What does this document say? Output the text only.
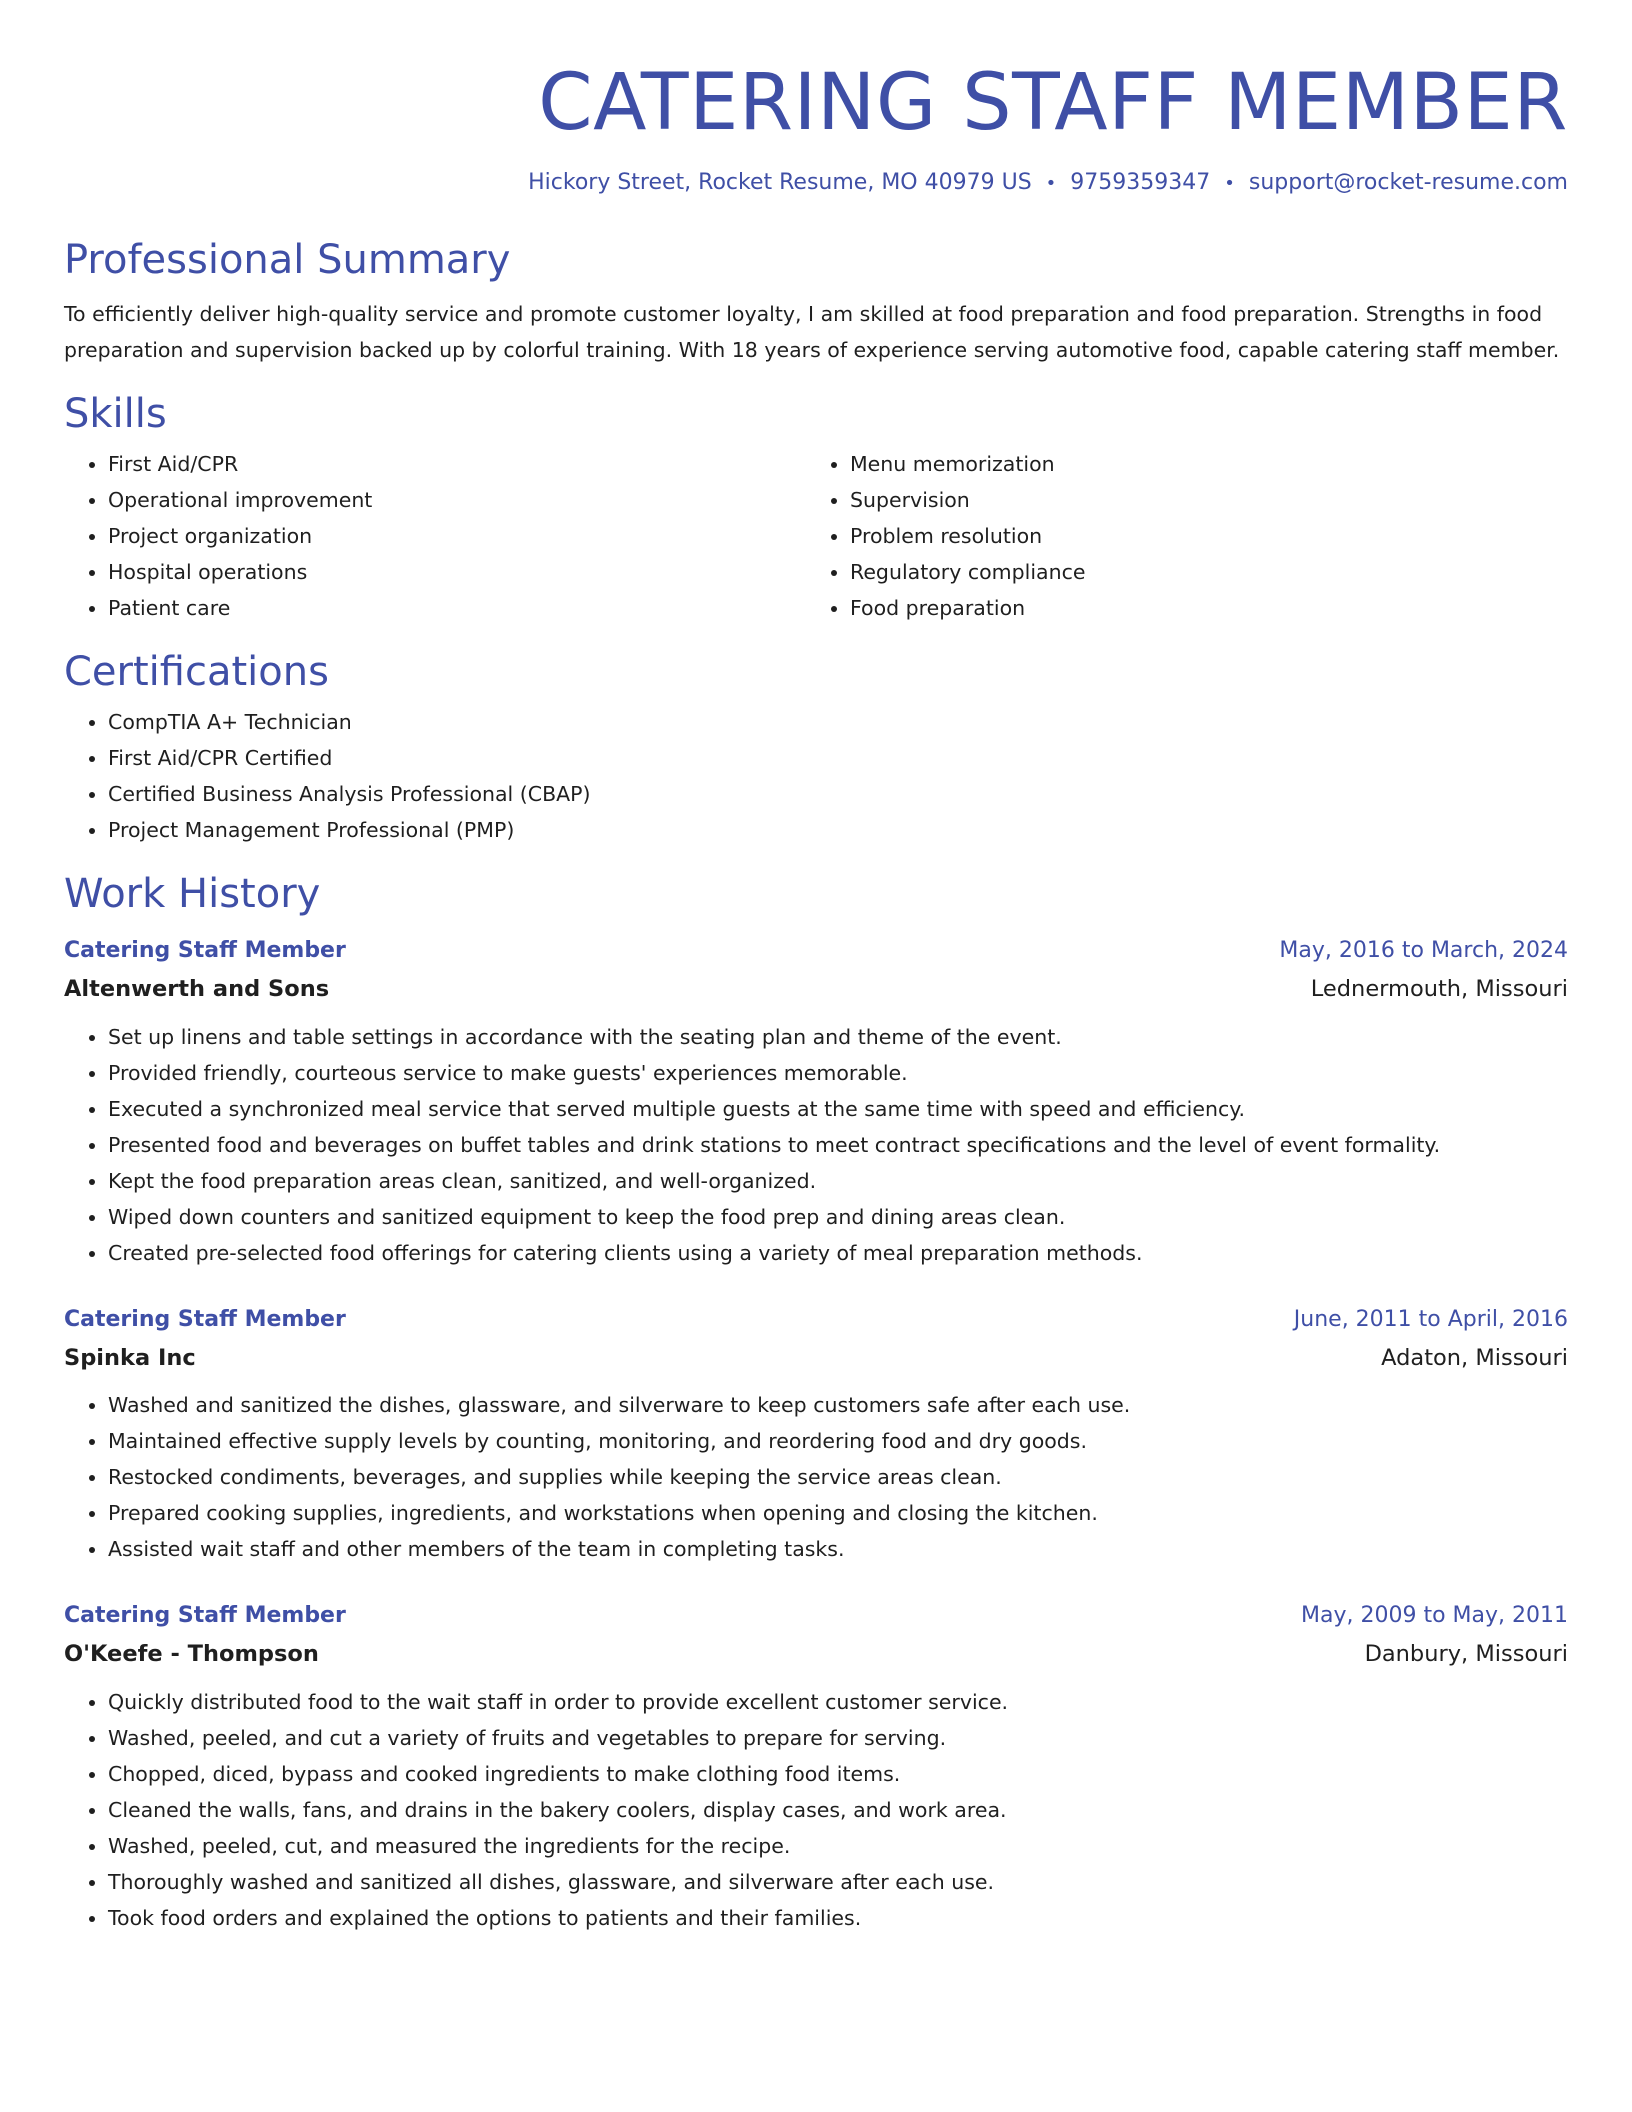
CATERING STAFF MEMBER
Hickory Street, Rocket Resume, MO 40979 US • 9759359347 • support@rocket-resume.com
Professional Summary

To efficiently deliver high-quality service and promote customer loyalty, I am skilled at food preparation and food preparation. Strengths in food preparation and supervision backed up by colorful training. With 18 years of experience serving automotive food, capable catering staff member.

Skills
• First Aid/CPR
• Operational improvement
• Project organization
• Hospital operations
• Patient care
• Menu memorization
• Supervision
• Problem resolution
• Regulatory compliance
• Food preparation
Certifications
• CompTIA A+ Technician
• First Aid/CPR Certified
• Certified Business Analysis Professional (CBAP)
• Project Management Professional (PMP)
Work History
Catering Staff Member	May, 2016 to March, 2024
Altenwerth and Sons	Lednermouth, Missouri
• Set up linens and table settings in accordance with the seating plan and theme of the event.
• Provided friendly, courteous service to make guests' experiences memorable.
• Executed a synchronized meal service that served multiple guests at the same time with speed and efficiency.
• Presented food and beverages on buffet tables and drink stations to meet contract specifications and the level of event formality.
• Kept the food preparation areas clean, sanitized, and well-organized.
• Wiped down counters and sanitized equipment to keep the food prep and dining areas clean.
• Created pre-selected food offerings for catering clients using a variety of meal preparation methods.
Catering Staff Member	June, 2011 to April, 2016
Spinka Inc	Adaton, Missouri
• Washed and sanitized the dishes, glassware, and silverware to keep customers safe after each use.
• Maintained effective supply levels by counting, monitoring, and reordering food and dry goods.
• Restocked condiments, beverages, and supplies while keeping the service areas clean.
• Prepared cooking supplies, ingredients, and workstations when opening and closing the kitchen.
• Assisted wait staff and other members of the team in completing tasks.
Catering Staff Member	May, 2009 to May, 2011
O'Keefe - Thompson	Danbury, Missouri
• Quickly distributed food to the wait staff in order to provide excellent customer service.
• Washed, peeled, and cut a variety of fruits and vegetables to prepare for serving.
• Chopped, diced, bypass and cooked ingredients to make clothing food items.
• Cleaned the walls, fans, and drains in the bakery coolers, display cases, and work area.
• Washed, peeled, cut, and measured the ingredients for the recipe.
• Thoroughly washed and sanitized all dishes, glassware, and silverware after each use.
• Took food orders and explained the options to patients and their families.
